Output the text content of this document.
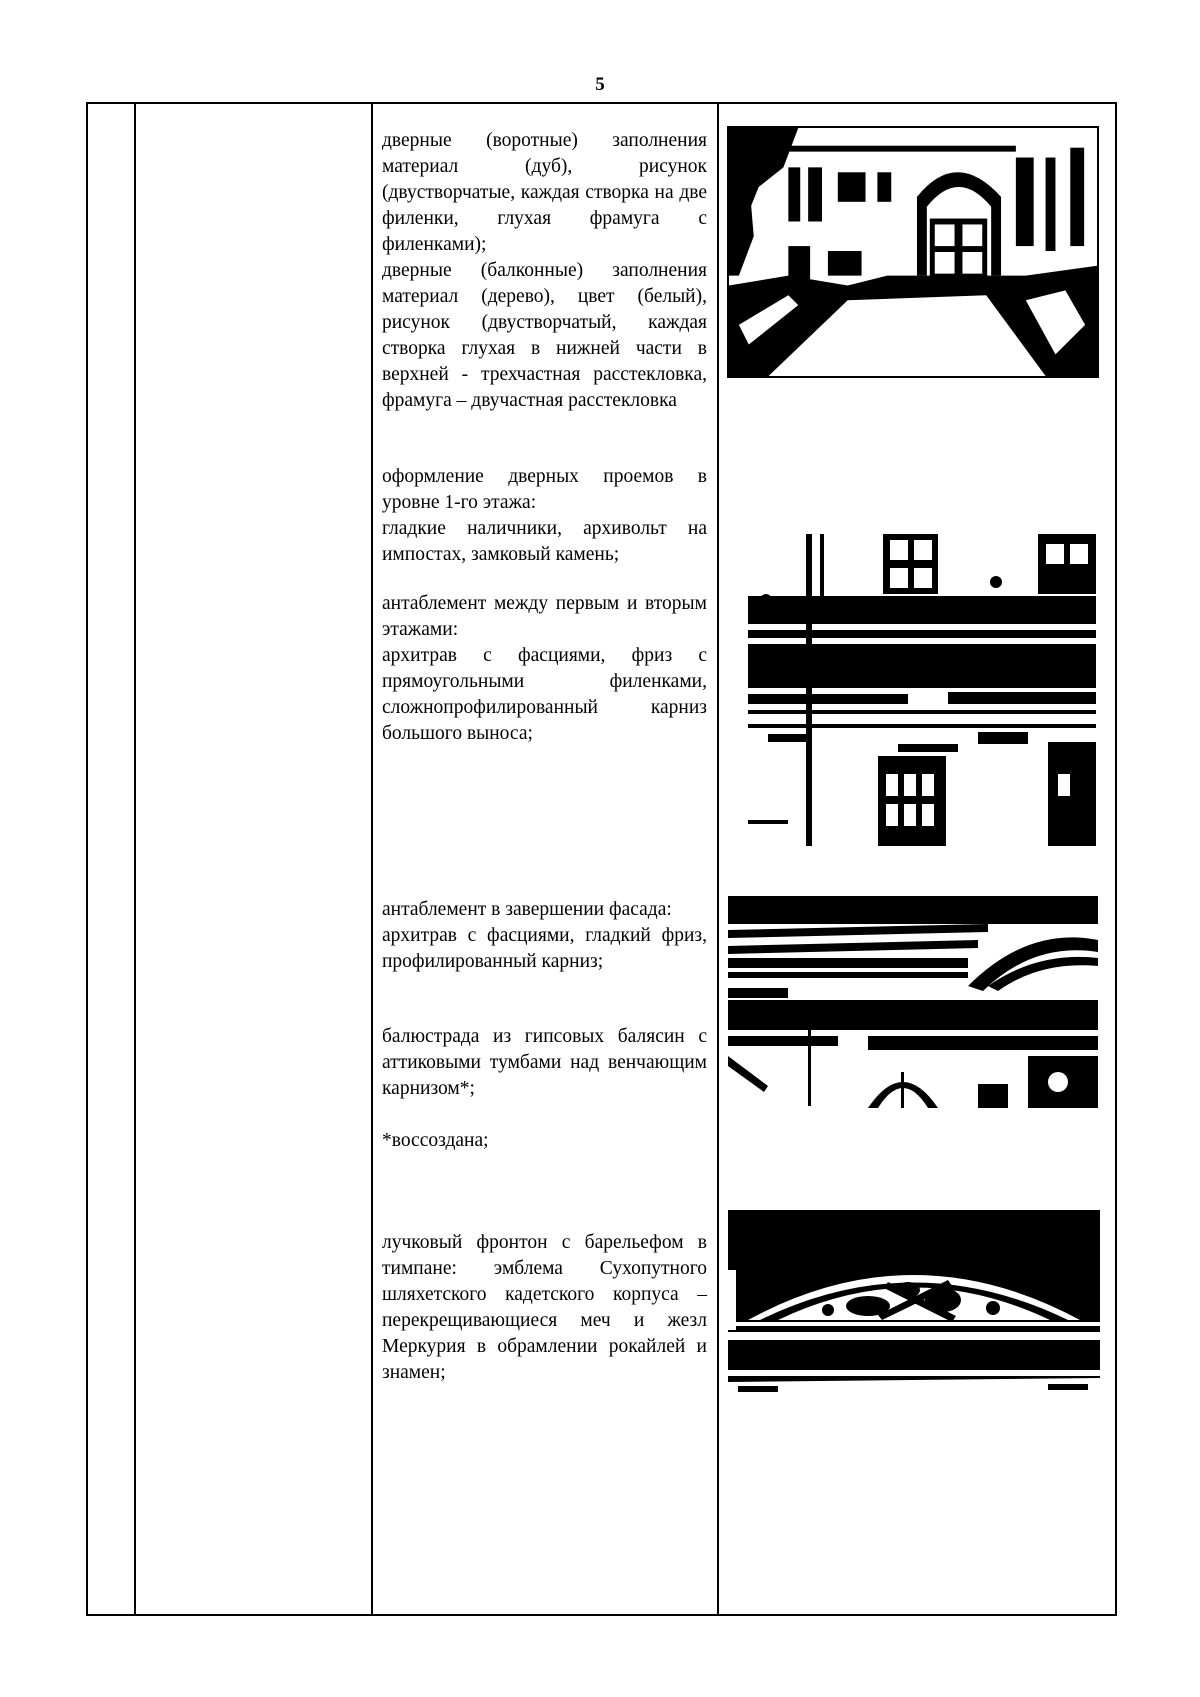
5

дверные (воротные) заполнения материал (дуб), рисунок (двустворчатые, каждая створка на две филенки, глухая фрамуга с филенками);

дверные (балконные) заполнения материал (дерево), цвет (белый), рисунок (двустворчатый, каждая створка глухая в нижней части в верхней - трехчастная расстекловка, фрамуга – двучастная расстекловка

оформление дверных проемов в уровне 1-го этажа:

гладкие наличники, архивольт на импостах, замковый камень;

антаблемент между первым и вторым этажами:

архитрав с фасциями, фриз с прямоугольными филенками, сложнопрофилированный карниз большого выноса;

антаблемент в завершении фасада:

архитрав с фасциями, гладкий фриз, профилированный карниз;

балюстрада из гипсовых балясин с аттиковыми тумбами над венчающим карнизом*;

*воссоздана;

лучковый фронтон с барельефом в тимпане: эмблема Сухопутного шляхетского кадетского корпуса – перекрещивающиеся меч и жезл Меркурия в обрамлении рокайлей и знамен;
